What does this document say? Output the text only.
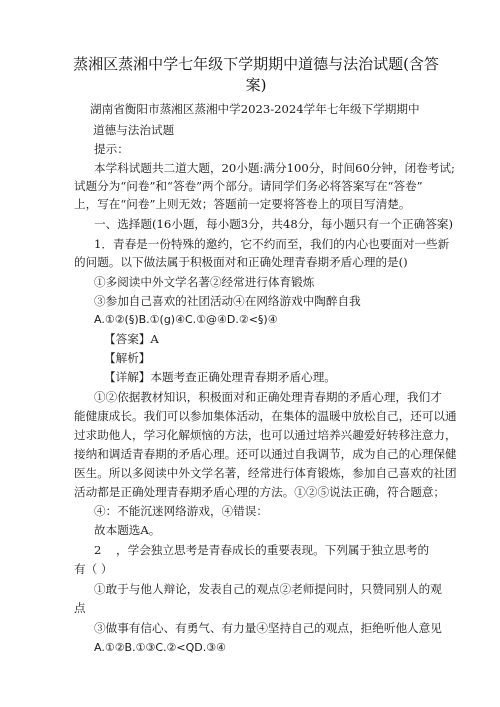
蒸湘区蒸湘中学七年级下学期期中道德与法治试题(含答案)
湖南省衡阳市蒸湘区蒸湘中学2023-2024学年七年级下学期期中
道德与法治试题
提示：
本学科试题共二道大题，20小题:满分100分，时间60分钟，闭卷考试;
试题分为“问卷”和“答卷”两个部分。请同学们务必将答案写在“答卷”
上，写在“问卷”上则无效；答题前一定要将答卷上的项目写清楚。
一、选择题(16小题，每小题3分，共48分，每小题只有一个正确答案)
1．青春是一份特殊的邀约，它不约而至，我们的内心也要面对一些新
的问题。以下做法属于积极面对和正确处理青春期矛盾心理的是()
①多阅读中外文学名著②经常进行体育锻炼
③参加自己喜欢的社团活动④在网络游戏中陶醉自我
A.①②(§)B.①(g)④C.①@④D.②<§)④
【答案】A
【解析】
【详解】本题考查正确处理青春期矛盾心理。
①②依据教材知识，积极面对和正确处理青春期的矛盾心理，我们才
能健康成长。我们可以参加集体活动，在集体的温暖中放松自己，还可以通
过求助他人，学习化解烦恼的方法，也可以通过培养兴趣爱好转移注意力，
接纳和调适青春期的矛盾心理。还可以通过自我调节，成为自己的心理保健
医生。所以多阅读中外文学名著，经常进行体育锻炼，参加自己喜欢的社团
活动都是正确处理青春期矛盾心理的方法。①②⑤说法正确，符合题意；
④：不能沉迷网络游戏，④错误：
故本题选A。
2 ，学会独立思考是青春成长的重要表现。下列属于独立思考的
有（ ）
①敢于与他人辩论，发表自己的观点②老师提问时，只赞同别人的观
点
③做事有信心、有勇气、有力量④坚持自己的观点，拒绝听他人意见
A.①②B.①③C.②<QD.③④
